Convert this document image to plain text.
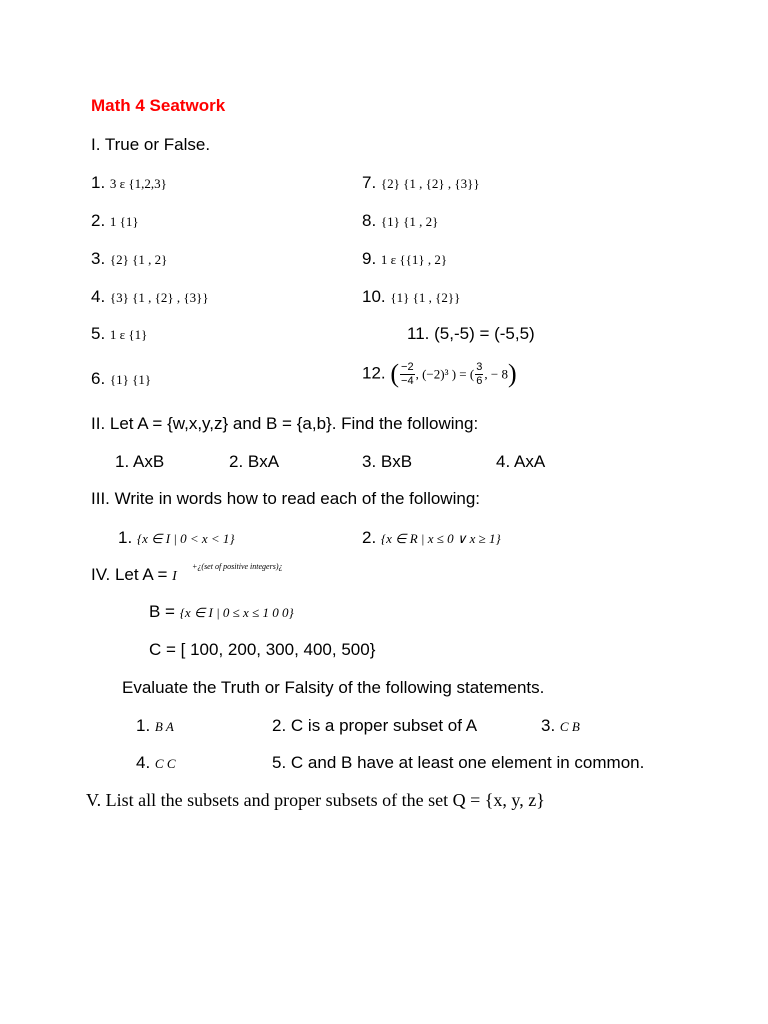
Math 4 Seatwork
I. True or False.
1. 3 ε {1,2,3}
2. 1 {1}
3. {2} {1 , 2}
4. {3} {1 , {2} , {3}}
5. 1 ε {1}
6. {1} {1}
7. {2} {1 , {2} , {3}}
8. {1} {1 , 2}
9. 1 ε {{1} , 2}
10. {1} {1 , {2}}
11. (5,-5) = (-5,5)
12. ( $\frac{-2}{-4}$ , (−2)³ ) = ( $\frac{3}{6}$ , − 8)
II. Let A = {w,x,y,z} and B = {a,b}. Find the following:
1. AxB	2. BxA	3. BxB	4. AxA
III. Write in words how to read each of the following:
1. {x ∈ I | 0 < x < 1}	2. {x ∈ R | x ≤ 0 ∨ x ≥ 1}
IV. Let A = I
+¿(set of positive integers)¿
B = {x ∈ I | 0 ≤ x ≤ 1 0 0}
C = [ 100, 200, 300, 400, 500}
Evaluate the Truth or Falsity of the following statements.
1. B A	2. C is a proper subset of A	3. C B
4. C C	5. C and B have at least one element in common.
V. List all the subsets and proper subsets of the set Q = {x, y, z}
